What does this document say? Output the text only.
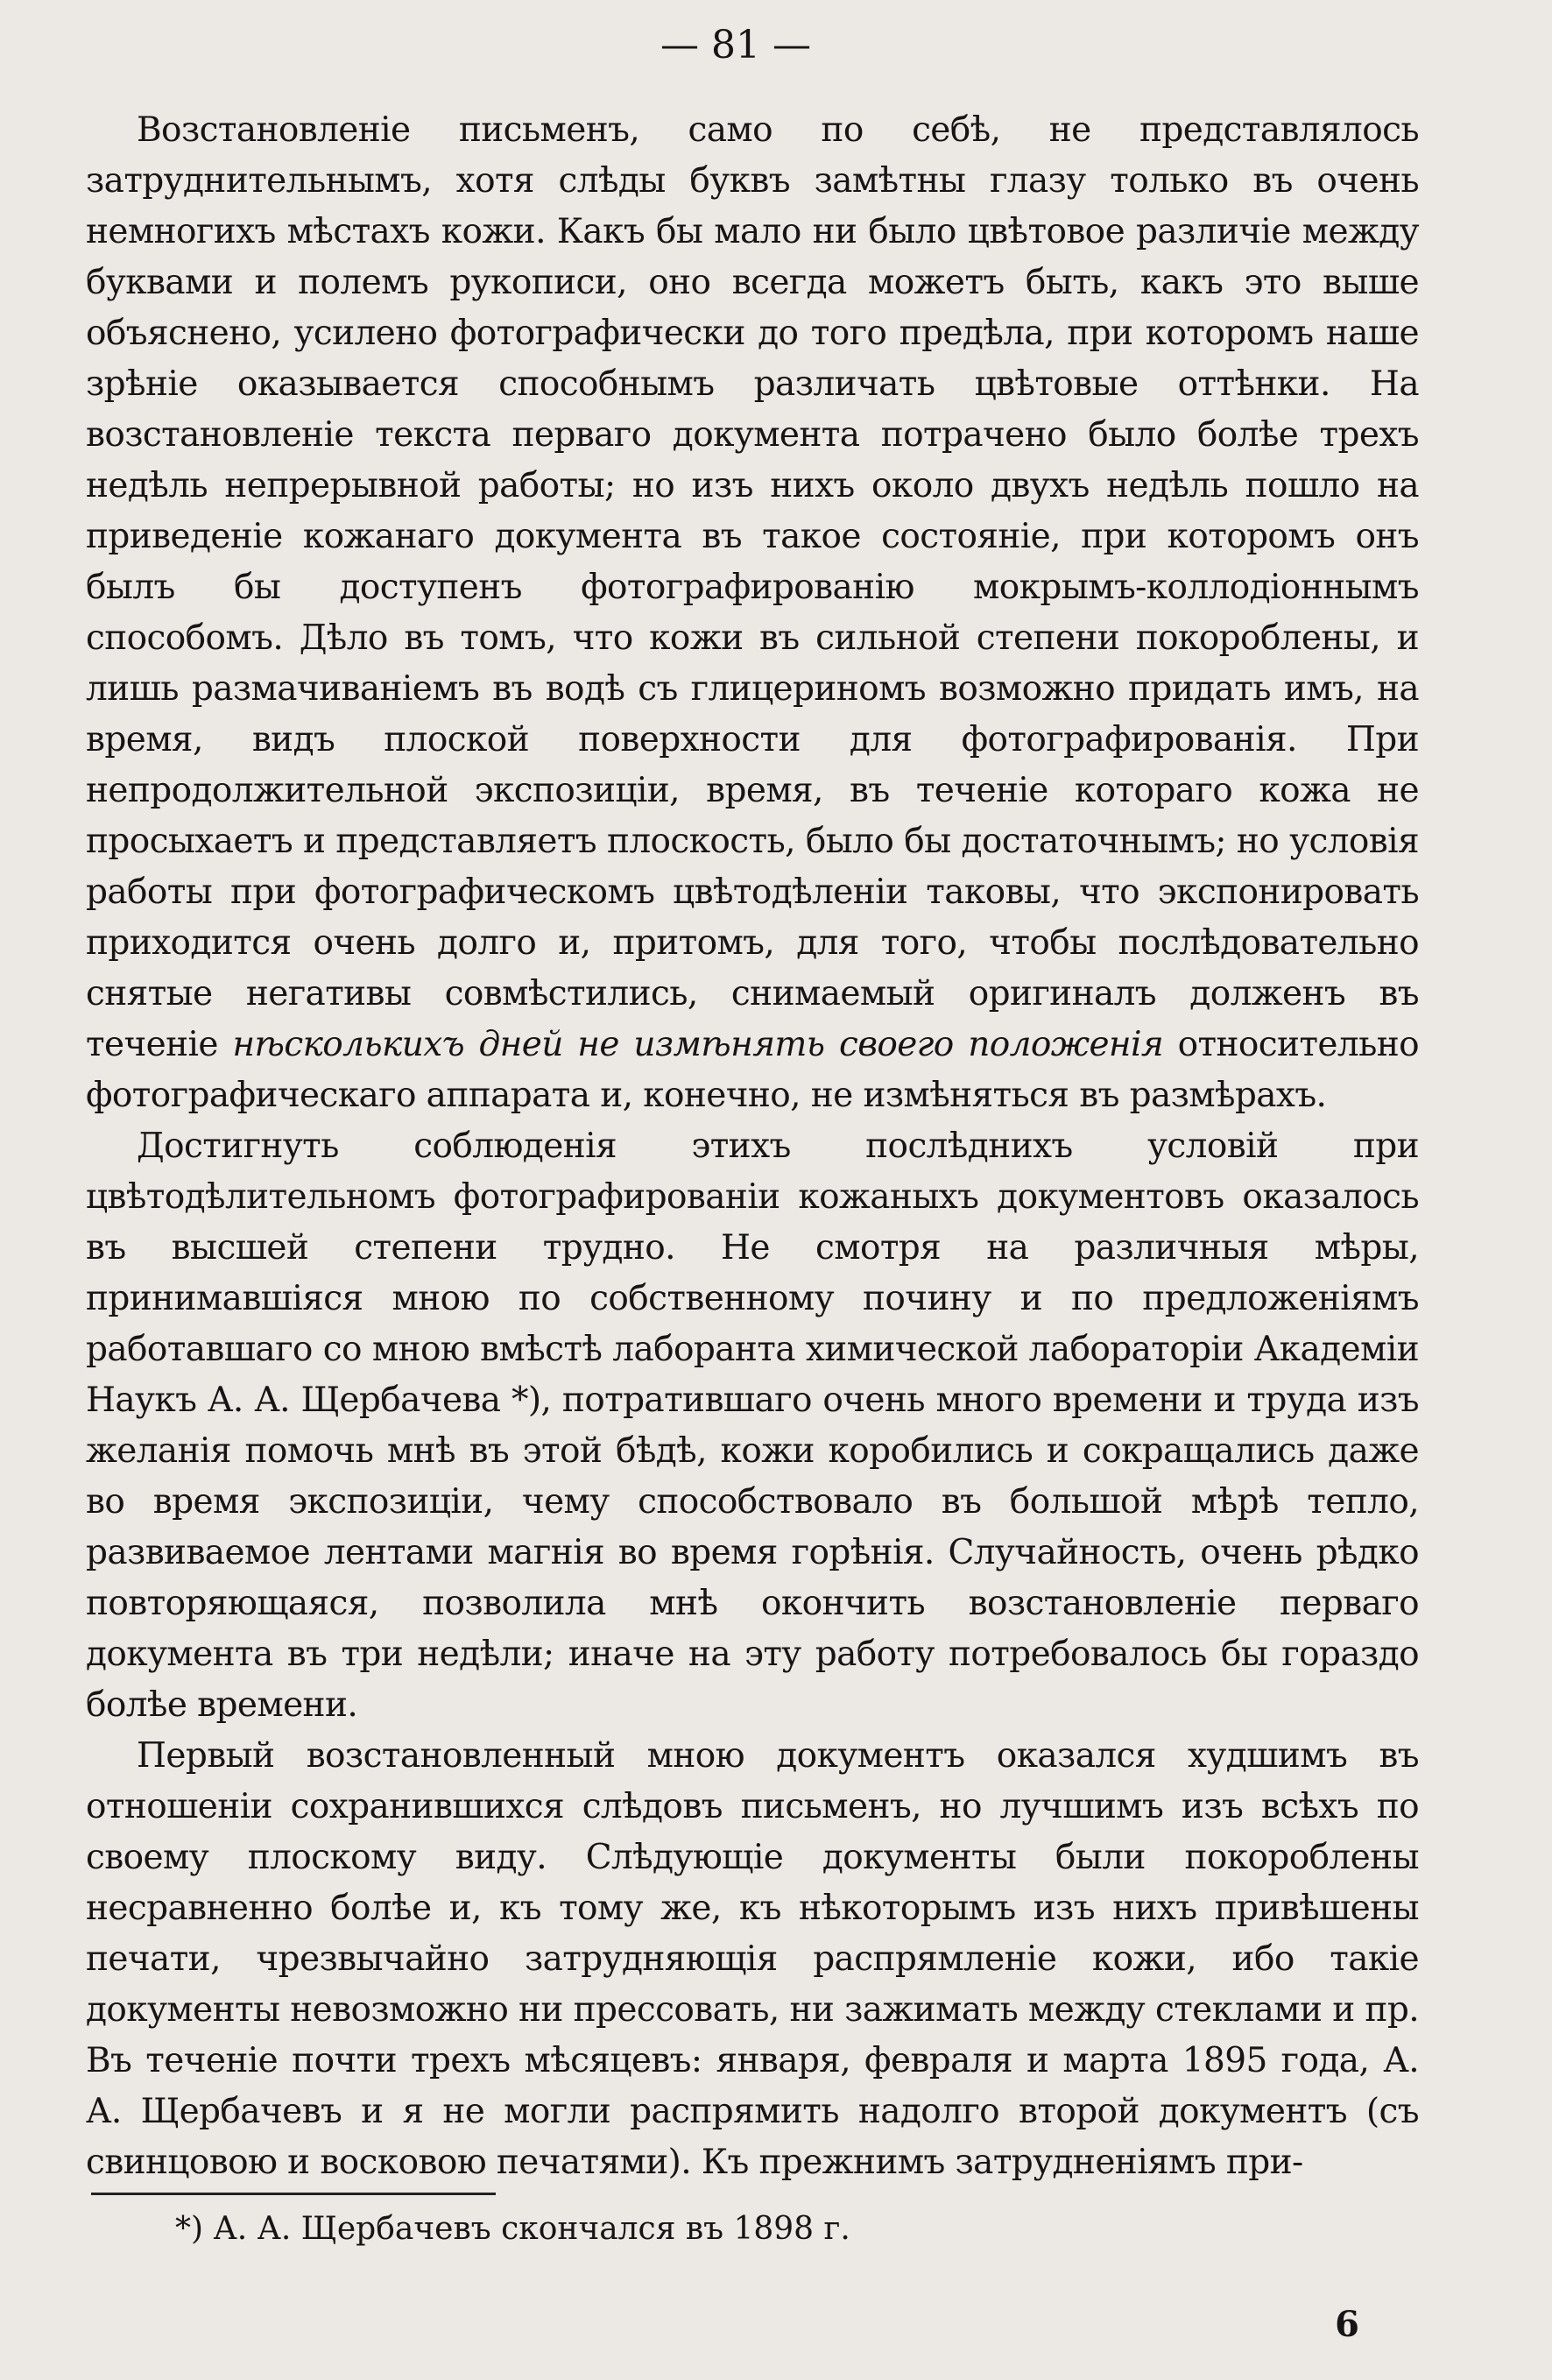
— 81 —

Возстановленіе письменъ, само по себѣ, не представлялось затруднительнымъ, хотя слѣды буквъ замѣтны глазу только въ очень немногихъ мѣстахъ кожи. Какъ бы мало ни было цвѣтовое различіе между буквами и полемъ рукописи, оно всегда можетъ быть, какъ это выше объяснено, усилено фотографически до того предѣла, при которомъ наше зрѣніе оказывается способнымъ различать цвѣтовые оттѣнки. На возстановленіе текста перваго документа потрачено было болѣе трехъ недѣль непрерывной работы; но изъ нихъ около двухъ недѣль пошло на приведеніе кожанаго документа въ такое состояніе, при которомъ онъ былъ бы доступенъ фотографированію мокрымъ-коллодіоннымъ способомъ. Дѣло въ томъ, что кожи въ сильной степени покороблены, и лишь размачиваніемъ въ водѣ съ глицериномъ возможно придать имъ, на время, видъ плоской поверхности для фотографированія. При непродолжительной экспозиціи, время, въ теченіе котораго кожа не просыхаетъ и представляетъ плоскость, было бы достаточнымъ; но условія работы при фотографическомъ цвѣтодѣленіи таковы, что экспонировать приходится очень долго и, притомъ, для того, чтобы послѣдовательно снятые негативы совмѣстились, снимаемый оригиналъ долженъ въ теченіе нѣсколькихъ дней не измѣнять своего положенія относительно фотографическаго аппарата и, конечно, не измѣняться въ размѣрахъ.

Достигнуть соблюденія этихъ послѣднихъ условій при цвѣтодѣлительномъ фотографированіи кожаныхъ документовъ оказалось въ высшей степени трудно. Не смотря на различныя мѣры, принимавшіяся мною по собственному почину и по предложеніямъ работавшаго со мною вмѣстѣ лаборанта химической лабораторіи Академіи Наукъ А. А. Щербачева *), потратившаго очень много времени и труда изъ желанія помочь мнѣ въ этой бѣдѣ, кожи коробились и сокращались даже во время экспозиціи, чему способствовало въ большой мѣрѣ тепло, развиваемое лентами магнія во время горѣнія. Случайность, очень рѣдко повторяющаяся, позволила мнѣ окончить возстановленіе перваго документа въ три недѣли; иначе на эту работу потребовалось бы гораздо болѣе времени.

Первый возстановленный мною документъ оказался худшимъ въ отношеніи сохранившихся слѣдовъ письменъ, но лучшимъ изъ всѣхъ по своему плоскому виду. Слѣдующіе документы были покороблены несравненно болѣе и, къ тому же, къ нѣкоторымъ изъ нихъ привѣшены печати, чрезвычайно затрудняющія распрямленіе кожи, ибо такіе документы невозможно ни прессовать, ни зажимать между стеклами и пр. Въ теченіе почти трехъ мѣсяцевъ: января, февраля и марта 1895 года, А. А. Щербачевъ и я не могли распрямить надолго второй документъ (съ свинцовою и восковою печатями). Къ прежнимъ затрудненіямъ при-

*) А. А. Щербачевъ скончался въ 1898 г.

6
